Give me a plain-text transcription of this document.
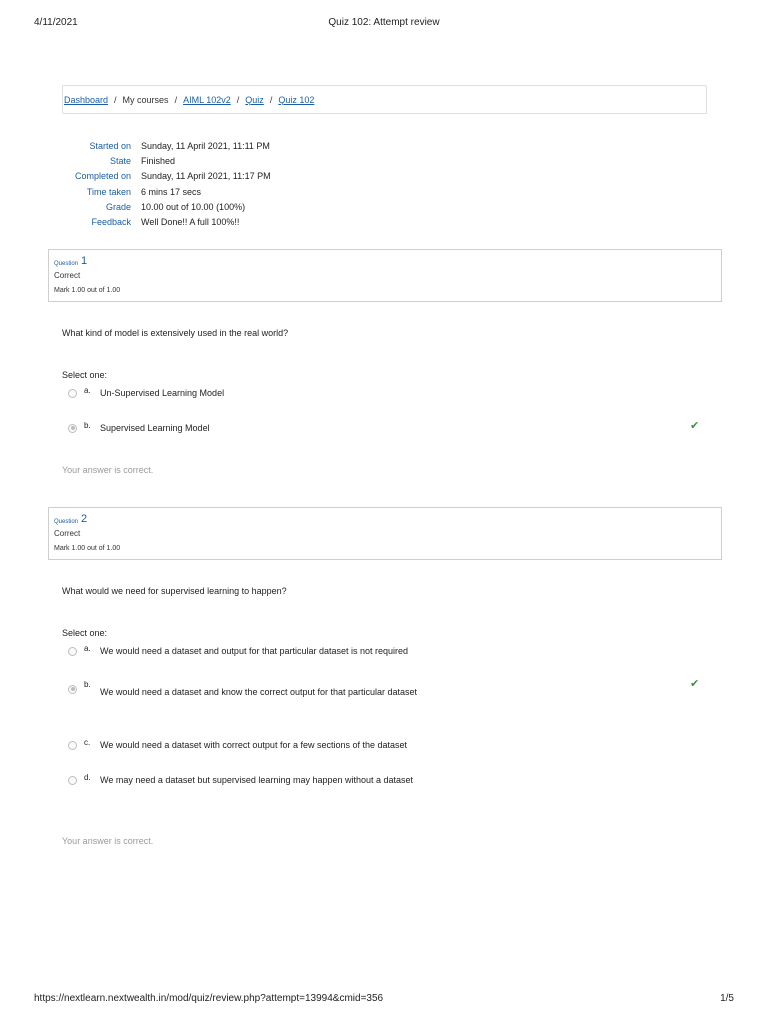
4/11/2021	Quiz 102: Attempt review
Dashboard / My courses / AIML 102v2 / Quiz / Quiz 102
Started on	Sunday, 11 April 2021, 11:11 PM
State	Finished
Completed on	Sunday, 11 April 2021, 11:17 PM
Time taken	6 mins 17 secs
Grade	10.00 out of 10.00 (100%)
Feedback	Well Done!! A full 100%!!
Question 1
Correct
Mark 1.00 out of 1.00
What kind of model is extensively used in the real world?
Select one:
a.	Un-Supervised Learning Model
b.	Supervised Learning Model	✔
Your answer is correct.
Question 2
Correct
Mark 1.00 out of 1.00
What would we need for supervised learning to happen?
Select one:
a.	We would need a dataset and output for that particular dataset is not required
b.
We would need a dataset and know the correct output for that particular dataset
✔
c.	We would need a dataset with correct output for a few sections of the dataset
d.	We may need a dataset but supervised learning may happen without a dataset
Your answer is correct.
https://nextlearn.nextwealth.in/mod/quiz/review.php?attempt=13994&cmid=356	1/5
